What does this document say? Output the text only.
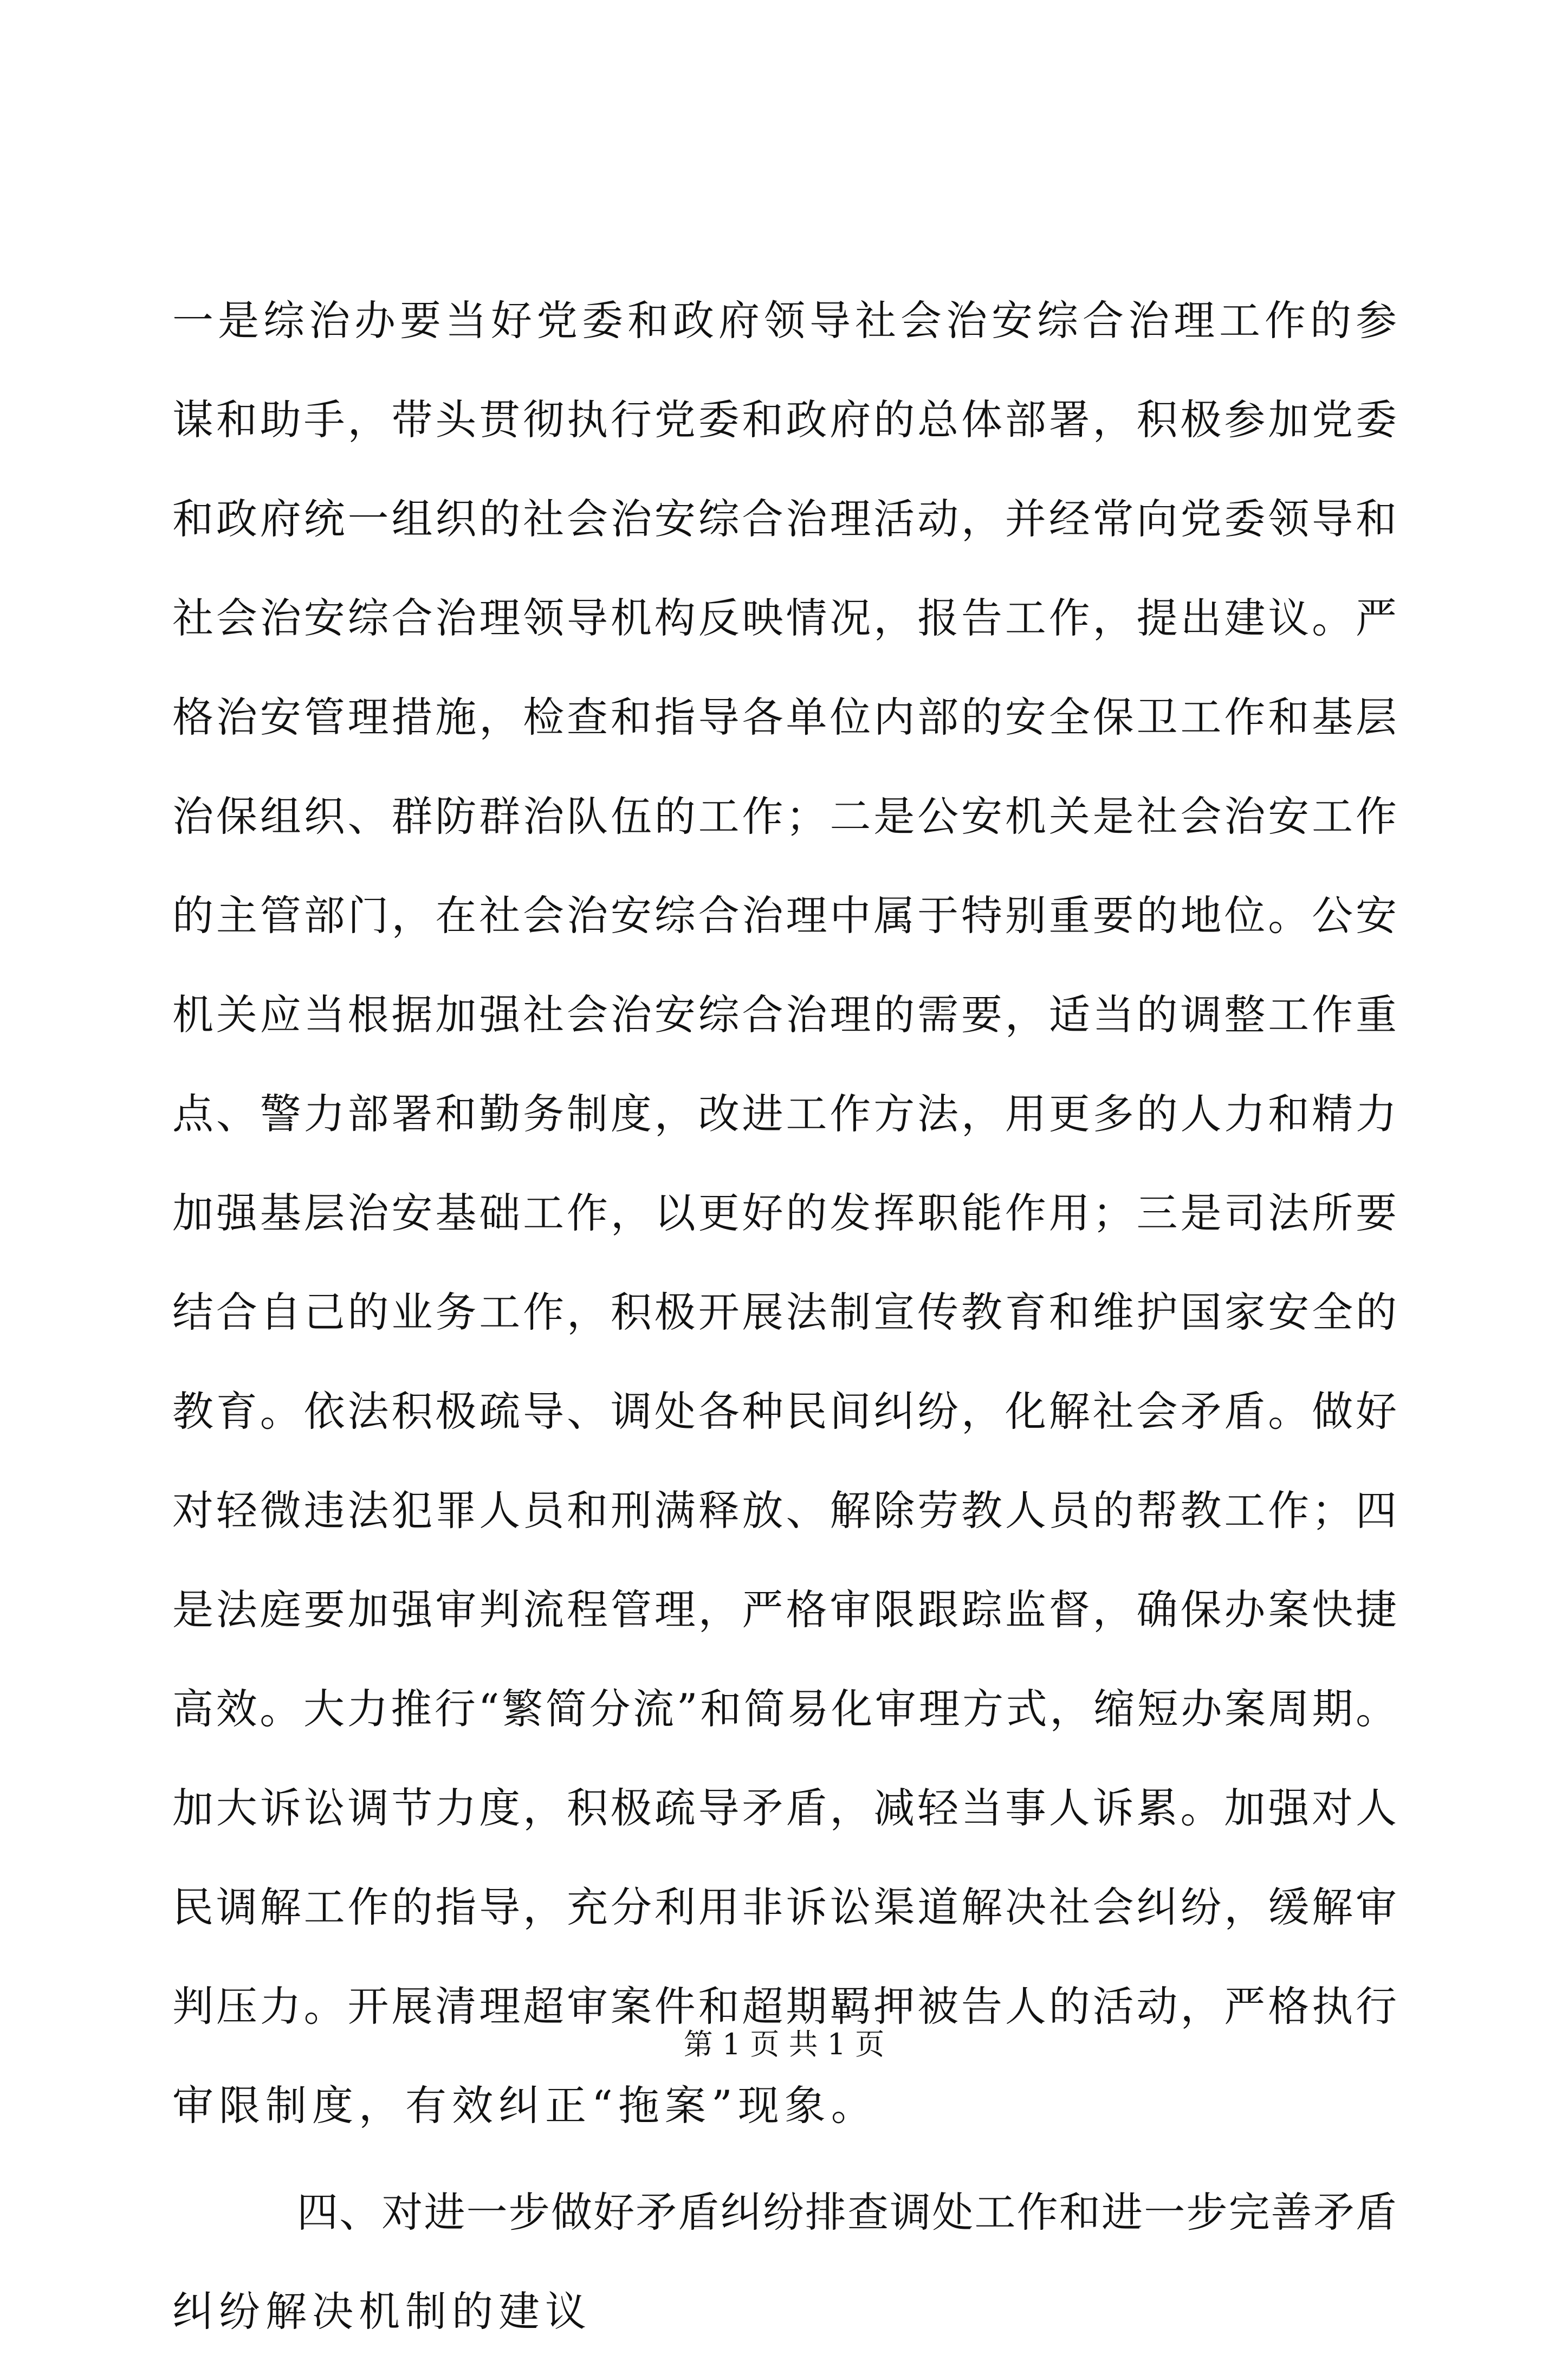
一是综治办要当好党委和政府领导社会治安综合治理工作的参
谋和助手，带头贯彻执行党委和政府的总体部署，积极参加党委
和政府统一组织的社会治安综合治理活动，并经常向党委领导和
社会治安综合治理领导机构反映情况，报告工作，提出建议。严
格治安管理措施，检查和指导各单位内部的安全保卫工作和基层
治保组织、群防群治队伍的工作；二是公安机关是社会治安工作
的主管部门，在社会治安综合治理中属于特别重要的地位。公安
机关应当根据加强社会治安综合治理的需要，适当的调整工作重
点、警力部署和勤务制度，改进工作方法，用更多的人力和精力
加强基层治安基础工作，以更好的发挥职能作用；三是司法所要
结合自己的业务工作，积极开展法制宣传教育和维护国家安全的
教育。依法积极疏导、调处各种民间纠纷，化解社会矛盾。做好
对轻微违法犯罪人员和刑满释放、解除劳教人员的帮教工作；四
是法庭要加强审判流程管理，严格审限跟踪监督，确保办案快捷
高效。大力推行“繁简分流”和简易化审理方式，缩短办案周期。
加大诉讼调节力度，积极疏导矛盾，减轻当事人诉累。加强对人
民调解工作的指导，充分利用非诉讼渠道解决社会纠纷，缓解审
判压力。开展清理超审案件和超期羁押被告人的活动，严格执行
审限制度，有效纠正“拖案”现象。
四、对进一步做好矛盾纠纷排查调处工作和进一步完善矛盾
纠纷解决机制的建议
第 1 页 共 1 页
